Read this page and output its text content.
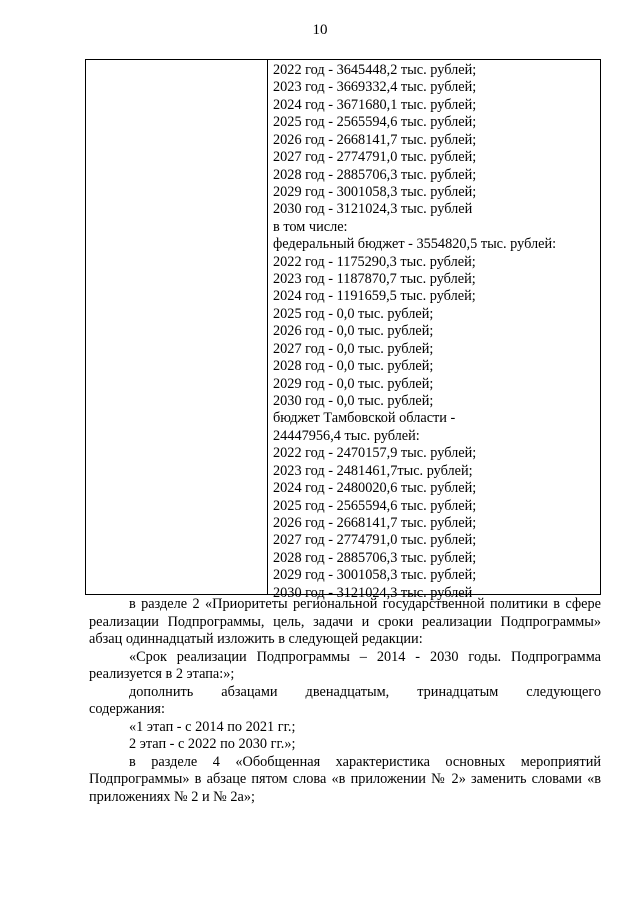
10
2022 год - 3645448,2 тыс. рублей;
2023 год - 3669332,4 тыс. рублей;
2024 год - 3671680,1 тыс. рублей;
2025 год - 2565594,6 тыс. рублей;
2026 год - 2668141,7 тыс. рублей;
2027 год - 2774791,0 тыс. рублей;
2028 год - 2885706,3 тыс. рублей;
2029 год - 3001058,3 тыс. рублей;
2030 год - 3121024,3 тыс. рублей
в том числе:
федеральный бюджет - 3554820,5 тыс. рублей:
2022 год - 1175290,3 тыс. рублей;
2023 год - 1187870,7 тыс. рублей;
2024 год - 1191659,5 тыс. рублей;
2025 год - 0,0 тыс. рублей;
2026 год - 0,0 тыс. рублей;
2027 год - 0,0 тыс. рублей;
2028 год - 0,0 тыс. рублей;
2029 год - 0,0 тыс. рублей;
2030 год - 0,0 тыс. рублей;
бюджет Тамбовской области -
24447956,4 тыс. рублей:
2022 год - 2470157,9 тыс. рублей;
2023 год - 2481461,7тыс. рублей;
2024 год - 2480020,6 тыс. рублей;
2025 год - 2565594,6 тыс. рублей;
2026 год - 2668141,7 тыс. рублей;
2027 год - 2774791,0 тыс. рублей;
2028 год - 2885706,3 тыс. рублей;
2029 год - 3001058,3 тыс. рублей;
2030 год - 3121024,3 тыс. рублей

в разделе 2 «Приоритеты региональной государственной политики в сфере реализации Подпрограммы, цель, задачи и сроки реализации Подпрограммы» абзац одиннадцатый изложить в следующей редакции:

«Срок реализации Подпрограммы – 2014 - 2030 годы. Подпрограмма реализуется в 2 этапа:»;

дополнить абзацами двенадцатым, тринадцатым следующего

содержания:

«1 этап - с 2014 по 2021 гг.;

2 этап - с 2022 по 2030 гг.»;

в разделе 4 «Обобщенная характеристика основных мероприятий Подпрограммы» в абзаце пятом слова «в приложении № 2» заменить словами «в приложениях № 2 и № 2а»;
